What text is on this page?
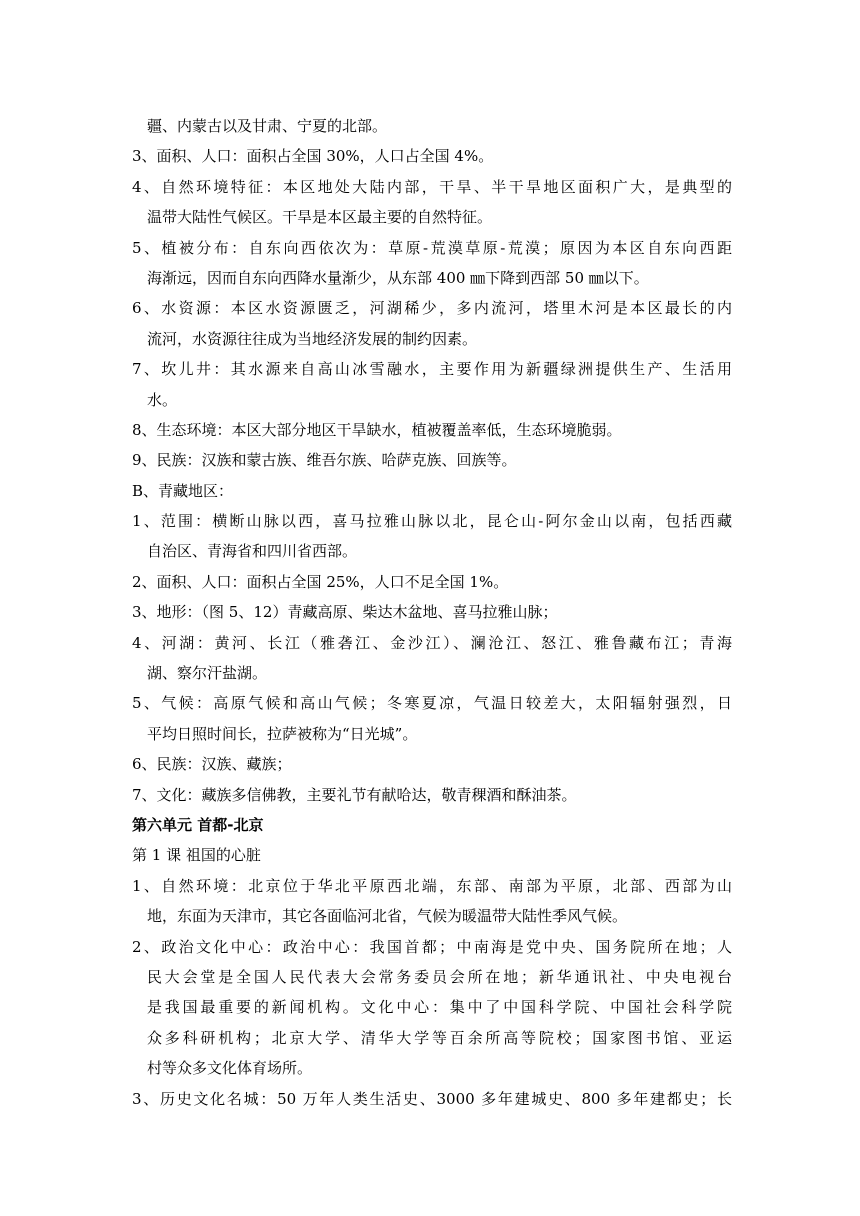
疆、内蒙古以及甘肃、宁夏的北部。
3、面积、人口：面积占全国 30%，人口占全国 4%。
4、自然环境特征：本区地处大陆内部，干旱、半干旱地区面积广大，是典型的
温带大陆性气候区。干旱是本区最主要的自然特征。
5、植被分布：自东向西依次为：草原-荒漠草原-荒漠；原因为本区自东向西距
海渐远，因而自东向西降水量渐少，从东部 400 ㎜下降到西部 50 ㎜以下。
6、水资源：本区水资源匮乏，河湖稀少，多内流河，塔里木河是本区最长的内
流河，水资源往往成为当地经济发展的制约因素。
7、坎儿井：其水源来自高山冰雪融水，主要作用为新疆绿洲提供生产、生活用
水。
8、生态环境：本区大部分地区干旱缺水，植被覆盖率低，生态环境脆弱。
9、民族：汉族和蒙古族、维吾尔族、哈萨克族、回族等。
B、青藏地区：
1、范围：横断山脉以西，喜马拉雅山脉以北，昆仑山-阿尔金山以南，包括西藏
自治区、青海省和四川省西部。
2、面积、人口：面积占全国 25%，人口不足全国 1%。
3、地形：（图 5、12）青藏高原、柴达木盆地、喜马拉雅山脉；
4、河湖：黄河、长江（雅砻江、金沙江）、澜沧江、怒江、雅鲁藏布江；青海
湖、察尔汗盐湖。
5、气候：高原气候和高山气候；冬寒夏凉，气温日较差大，太阳辐射强烈，日
平均日照时间长，拉萨被称为“日光城”。
6、民族：汉族、藏族；
7、文化：藏族多信佛教，主要礼节有献哈达，敬青稞酒和酥油茶。
第六单元 首都-北京
第 1 课 祖国的心脏
1、自然环境：北京位于华北平原西北端，东部、南部为平原，北部、西部为山
地，东面为天津市，其它各面临河北省，气候为暖温带大陆性季风气候。
2、政治文化中心：政治中心：我国首都；中南海是党中央、国务院所在地；人
民大会堂是全国人民代表大会常务委员会所在地；新华通讯社、中央电视台
是我国最重要的新闻机构。文化中心：集中了中国科学院、中国社会科学院
众多科研机构；北京大学、清华大学等百余所高等院校；国家图书馆、亚运
村等众多文化体育场所。
3、历史文化名城：50 万年人类生活史、3000 多年建城史、800 多年建都史；长
